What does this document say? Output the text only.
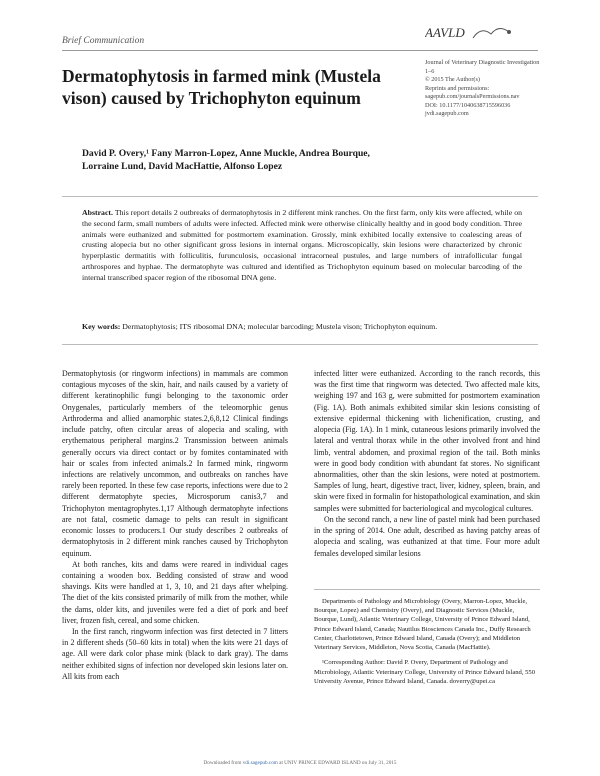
Brief Communication
AAVLD
Dermatophytosis in farmed mink (Mustela vison) caused by Trichophyton equinum
Journal of Veterinary Diagnostic Investigation
1–6
© 2015 The Author(s)
Reprints and permissions:
sagepub.com/journalsPermissions.nav
DOI: 10.1177/1040638715596036
jvdi.sagepub.com
David P. Overy,¹ Fany Marron-Lopez, Anne Muckle, Andrea Bourque,
Lorraine Lund, David MacHattie, Alfonso Lopez
Abstract. This report details 2 outbreaks of dermatophytosis in 2 different mink ranches. On the first farm, only kits were affected, while on the second farm, small numbers of adults were infected. Affected mink were otherwise clinically healthy and in good body condition. Three animals were euthanized and submitted for postmortem examination. Grossly, mink exhibited locally extensive to coalescing areas of crusting alopecia but no other significant gross lesions in internal organs. Microscopically, skin lesions were characterized by chronic hyperplastic dermatitis with folliculitis, furunculosis, occasional intracorneal pustules, and large numbers of intrafollicular fungal arthrospores and hyphae. The dermatophyte was cultured and identified as Trichophyton equinum based on molecular barcoding of the internal transcribed spacer region of the ribosomal DNA gene.
Key words: Dermatophytosis; ITS ribosomal DNA; molecular barcoding; Mustela vison; Trichophyton equinum.

Dermatophytosis (or ringworm infections) in mammals are common contagious mycoses of the skin, hair, and nails caused by a variety of different keratinophilic fungi belonging to the taxonomic order Onygenales, particularly members of the teleomorphic genus Arthroderma and allied anamorphic states.2,6,8,12 Clinical findings include patchy, often circular areas of alopecia and scaling, with erythematous peripheral margins.2 Transmission between animals generally occurs via direct contact or by fomites contaminated with hair or scales from infected animals.2 In farmed mink, ringworm infections are relatively uncommon, and outbreaks on ranches have rarely been reported. In these few case reports, infections were due to 2 different dermatophyte species, Microsporum canis3,7 and Trichophyton mentagrophytes.1,17 Although dermatophyte infections are not fatal, cosmetic damage to pelts can result in significant economic losses to producers.1 Our study describes 2 outbreaks of dermatophytosis in 2 different mink ranches caused by Trichophyton equinum.

At both ranches, kits and dams were reared in individual cages containing a wooden box. Bedding consisted of straw and wood shavings. Kits were handled at 1, 3, 10, and 21 days after whelping. The diet of the kits consisted primarily of milk from the mother, while the dams, older kits, and juveniles were fed a diet of pork and beef liver, frozen fish, cereal, and some chicken.

In the first ranch, ringworm infection was first detected in 7 litters in 2 different sheds (50–60 kits in total) when the kits were 21 days of age. All were dark color phase mink (black to dark gray). The dams neither exhibited signs of infection nor developed skin lesions later on. All kits from each

infected litter were euthanized. According to the ranch records, this was the first time that ringworm was detected. Two affected male kits, weighing 197 and 163 g, were submitted for postmortem examination (Fig. 1A). Both animals exhibited similar skin lesions consisting of extensive epidermal thickening with lichenification, crusting, and alopecia (Fig. 1A). In 1 mink, cutaneous lesions primarily involved the lateral and ventral thorax while in the other involved front and hind limb, ventral abdomen, and proximal region of the tail. Both minks were in good body condition with abundant fat stores. No significant abnormalities, other than the skin lesions, were noted at postmortem. Samples of lung, heart, digestive tract, liver, kidney, spleen, brain, and skin were fixed in formalin for histopathological examination, and skin samples were submitted for bacteriological and mycological cultures.

On the second ranch, a new line of pastel mink had been purchased in the spring of 2014. One adult, described as having patchy areas of alopecia and scaling, was euthanized at that time. Four more adult females developed similar lesions

Departments of Pathology and Microbiology (Overy, Marron-Lopez, Muckle, Bourque, Lopez) and Chemistry (Overy), and Diagnostic Services (Muckle, Bourque, Lund), Atlantic Veterinary College, University of Prince Edward Island, Prince Edward Island, Canada; Nautilus Biosciences Canada Inc., Duffy Research Center, Charlottetown, Prince Edward Island, Canada (Overy); and Middleton Veterinary Services, Middleton, Nova Scotia, Canada (MacHattie).

¹Corresponding Author: David P. Overy, Department of Pathology and Microbiology, Atlantic Veterinary College, University of Prince Edward Island, 550 University Avenue, Prince Edward Island, Canada. doverry@upei.ca

Downloaded from vdi.sagepub.com at UNIV PRINCE EDWARD ISLAND on July 31, 2015
